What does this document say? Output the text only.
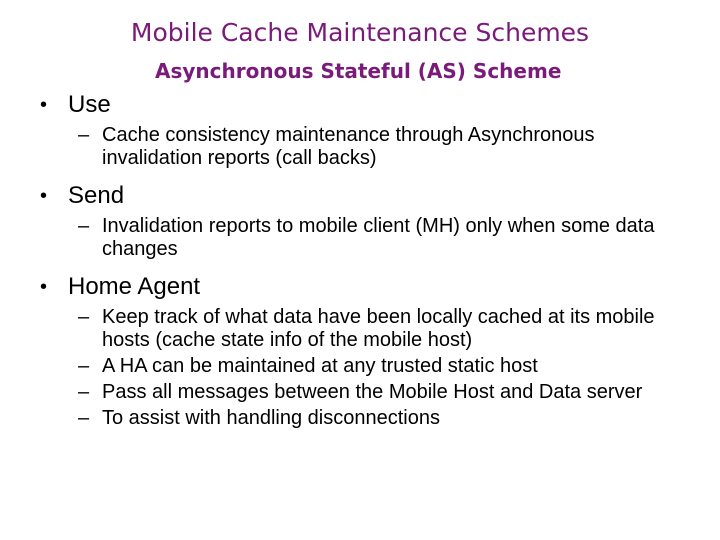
Mobile Cache Maintenance Schemes
Asynchronous Stateful (AS) Scheme

• Use

– Cache consistency maintenance through Asynchronous invalidation reports (call backs)

• Send

– Invalidation reports to mobile client (MH) only when some data changes

• Home Agent

– Keep track of what data have been locally cached at its mobile hosts (cache state info of the mobile host)

– A HA can be maintained at any trusted static host

– Pass all messages between the Mobile Host and Data server

– To assist with handling disconnections
